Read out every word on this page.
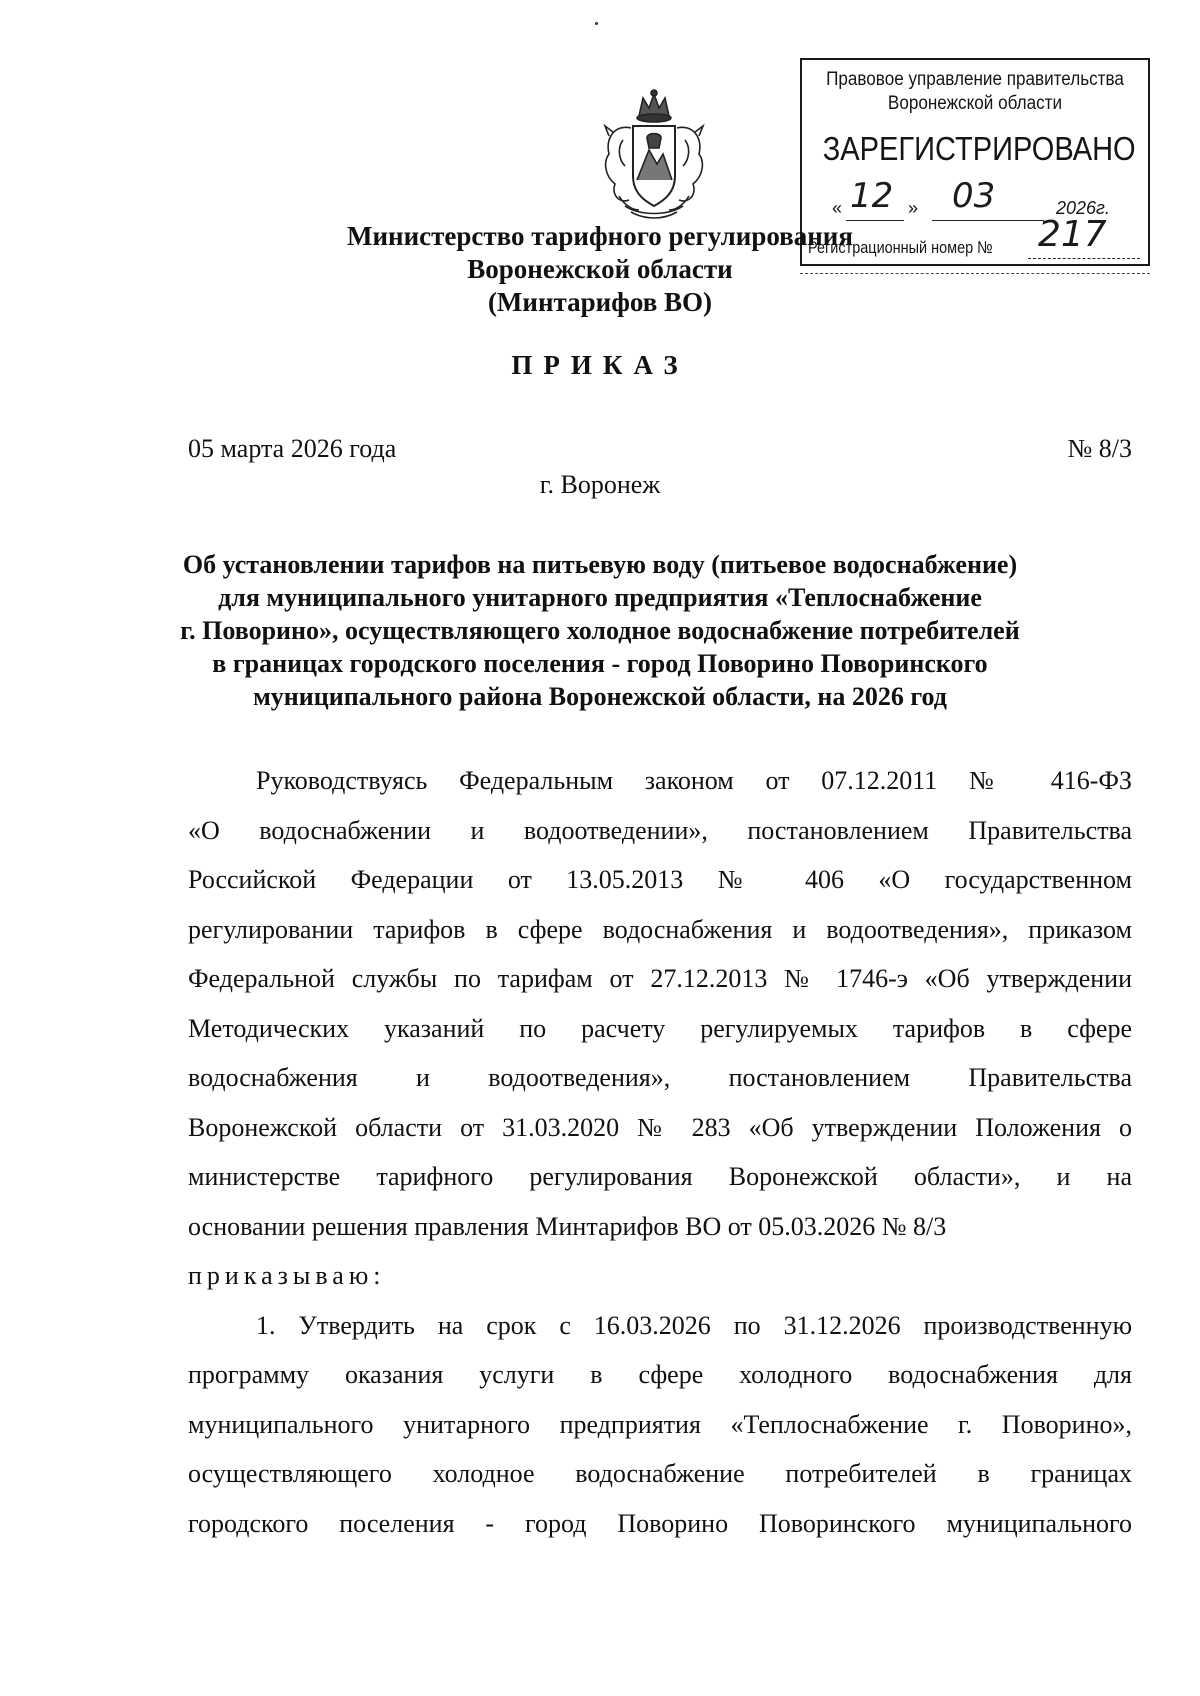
Правовое управление правительства
Воронежской области
ЗАРЕГИСТРИРОВАНО
« 12 » 03	2026г.
Регистрационный номер № 217
Министерство тарифного регулирования
Воронежской области
(Минтарифов ВО)
ПРИКАЗ
05 марта 2026 года	№ 8/3
г. Воронеж
Об установлении тарифов на питьевую воду (питьевое водоснабжение)
для муниципального унитарного предприятия «Теплоснабжение
г. Поворино», осуществляющего холодное водоснабжение потребителей
в границах городского поселения - город Поворино Поворинского
муниципального района Воронежской области, на 2026 год
Руководствуясь Федеральным законом от 07.12.2011 № 416-ФЗ
«О водоснабжении и водоотведении», постановлением Правительства
Российской Федерации от 13.05.2013 № 406 «О государственном
регулировании тарифов в сфере водоснабжения и водоотведения», приказом
Федеральной службы по тарифам от 27.12.2013 № 1746-э «Об утверждении
Методических указаний по расчету регулируемых тарифов в сфере
водоснабжения и водоотведения», постановлением Правительства
Воронежской области от 31.03.2020 № 283 «Об утверждении Положения о
министерстве тарифного регулирования Воронежской области», и на
основании решения правления Минтарифов ВО от 05.03.2026 № 8/3
приказываю:
1. Утвердить на срок с 16.03.2026 по 31.12.2026 производственную
программу оказания услуги в сфере холодного водоснабжения для
муниципального унитарного предприятия «Теплоснабжение г. Поворино»,
осуществляющего холодное водоснабжение потребителей в границах
городского поселения - город Поворино Поворинского муниципального
